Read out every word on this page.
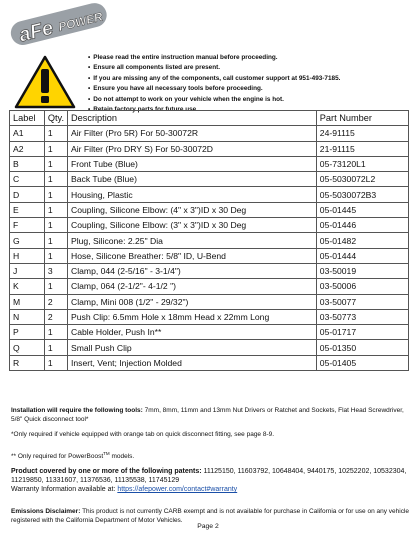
aFe POWER
• Please read the entire instruction manual before proceeding.
• Ensure all components listed are present.
• If you are missing any of the components, call customer support at 951-493-7185.
• Ensure you have all necessary tools before proceeding.
• Do not attempt to work on your vehicle when the engine is hot.
• Retain factory parts for future use.
Label	Qty.	Description	Part Number
A1	1	Air Filter (Pro 5R) For 50-30072R	24-91115
A2	1	Air Filter (Pro DRY S) For 50-30072D	21-91115
B	1	Front Tube (Blue)	05-73120L1
C	1	Back Tube (Blue)	05-5030072L2
D	1	Housing, Plastic	05-5030072B3
E	1	Coupling, Silicone Elbow: (4" x 3")ID x 30 Deg	05-01445
F	1	Coupling, Silicone Elbow: (3" x 3")ID x 30 Deg	05-01446
G	1	Plug, Silicone: 2.25" Dia	05-01482
H	1	Hose, Silicone Breather: 5/8" ID, U-Bend	05-01444
J	3	Clamp, 044 (2-5/16" - 3-1/4")	03-50019
K	1	Clamp, 064 (2-1/2"- 4-1/2 ")	03-50006
M	2	Clamp, Mini 008 (1/2" - 29/32")	03-50077
N	2	Push Clip: 6.5mm Hole x 18mm Head x 22mm Long	03-50773
P	1	Cable Holder, Push In**	05-01717
Q	1	Small Push Clip	05-01350
R	1	Insert, Vent; Injection Molded	05-01405

Installation will require the following tools: 7mm, 8mm, 11mm and 13mm Nut Drivers or Ratchet and Sockets, Flat Head Screwdriver, 5/8" Quick disconnect tool*

*Only required if vehicle equipped with orange tab on quick disconnect fitting, see page 8-9.

** Only required for PowerBoost™ models.

Product covered by one or more of the following patents: 11125150, 11603792, 10648404, 9440175, 10252202, 10532304, 11219850, 11331607, 11376536, 11135538, 11745129
Warranty Information available at: https://afepower.com/contact#warranty

Emissions Disclaimer: This product is not currently CARB exempt and is not available for purchase in California or for use on any vehicle registered with the California Department of Motor Vehicles.

Page 2
